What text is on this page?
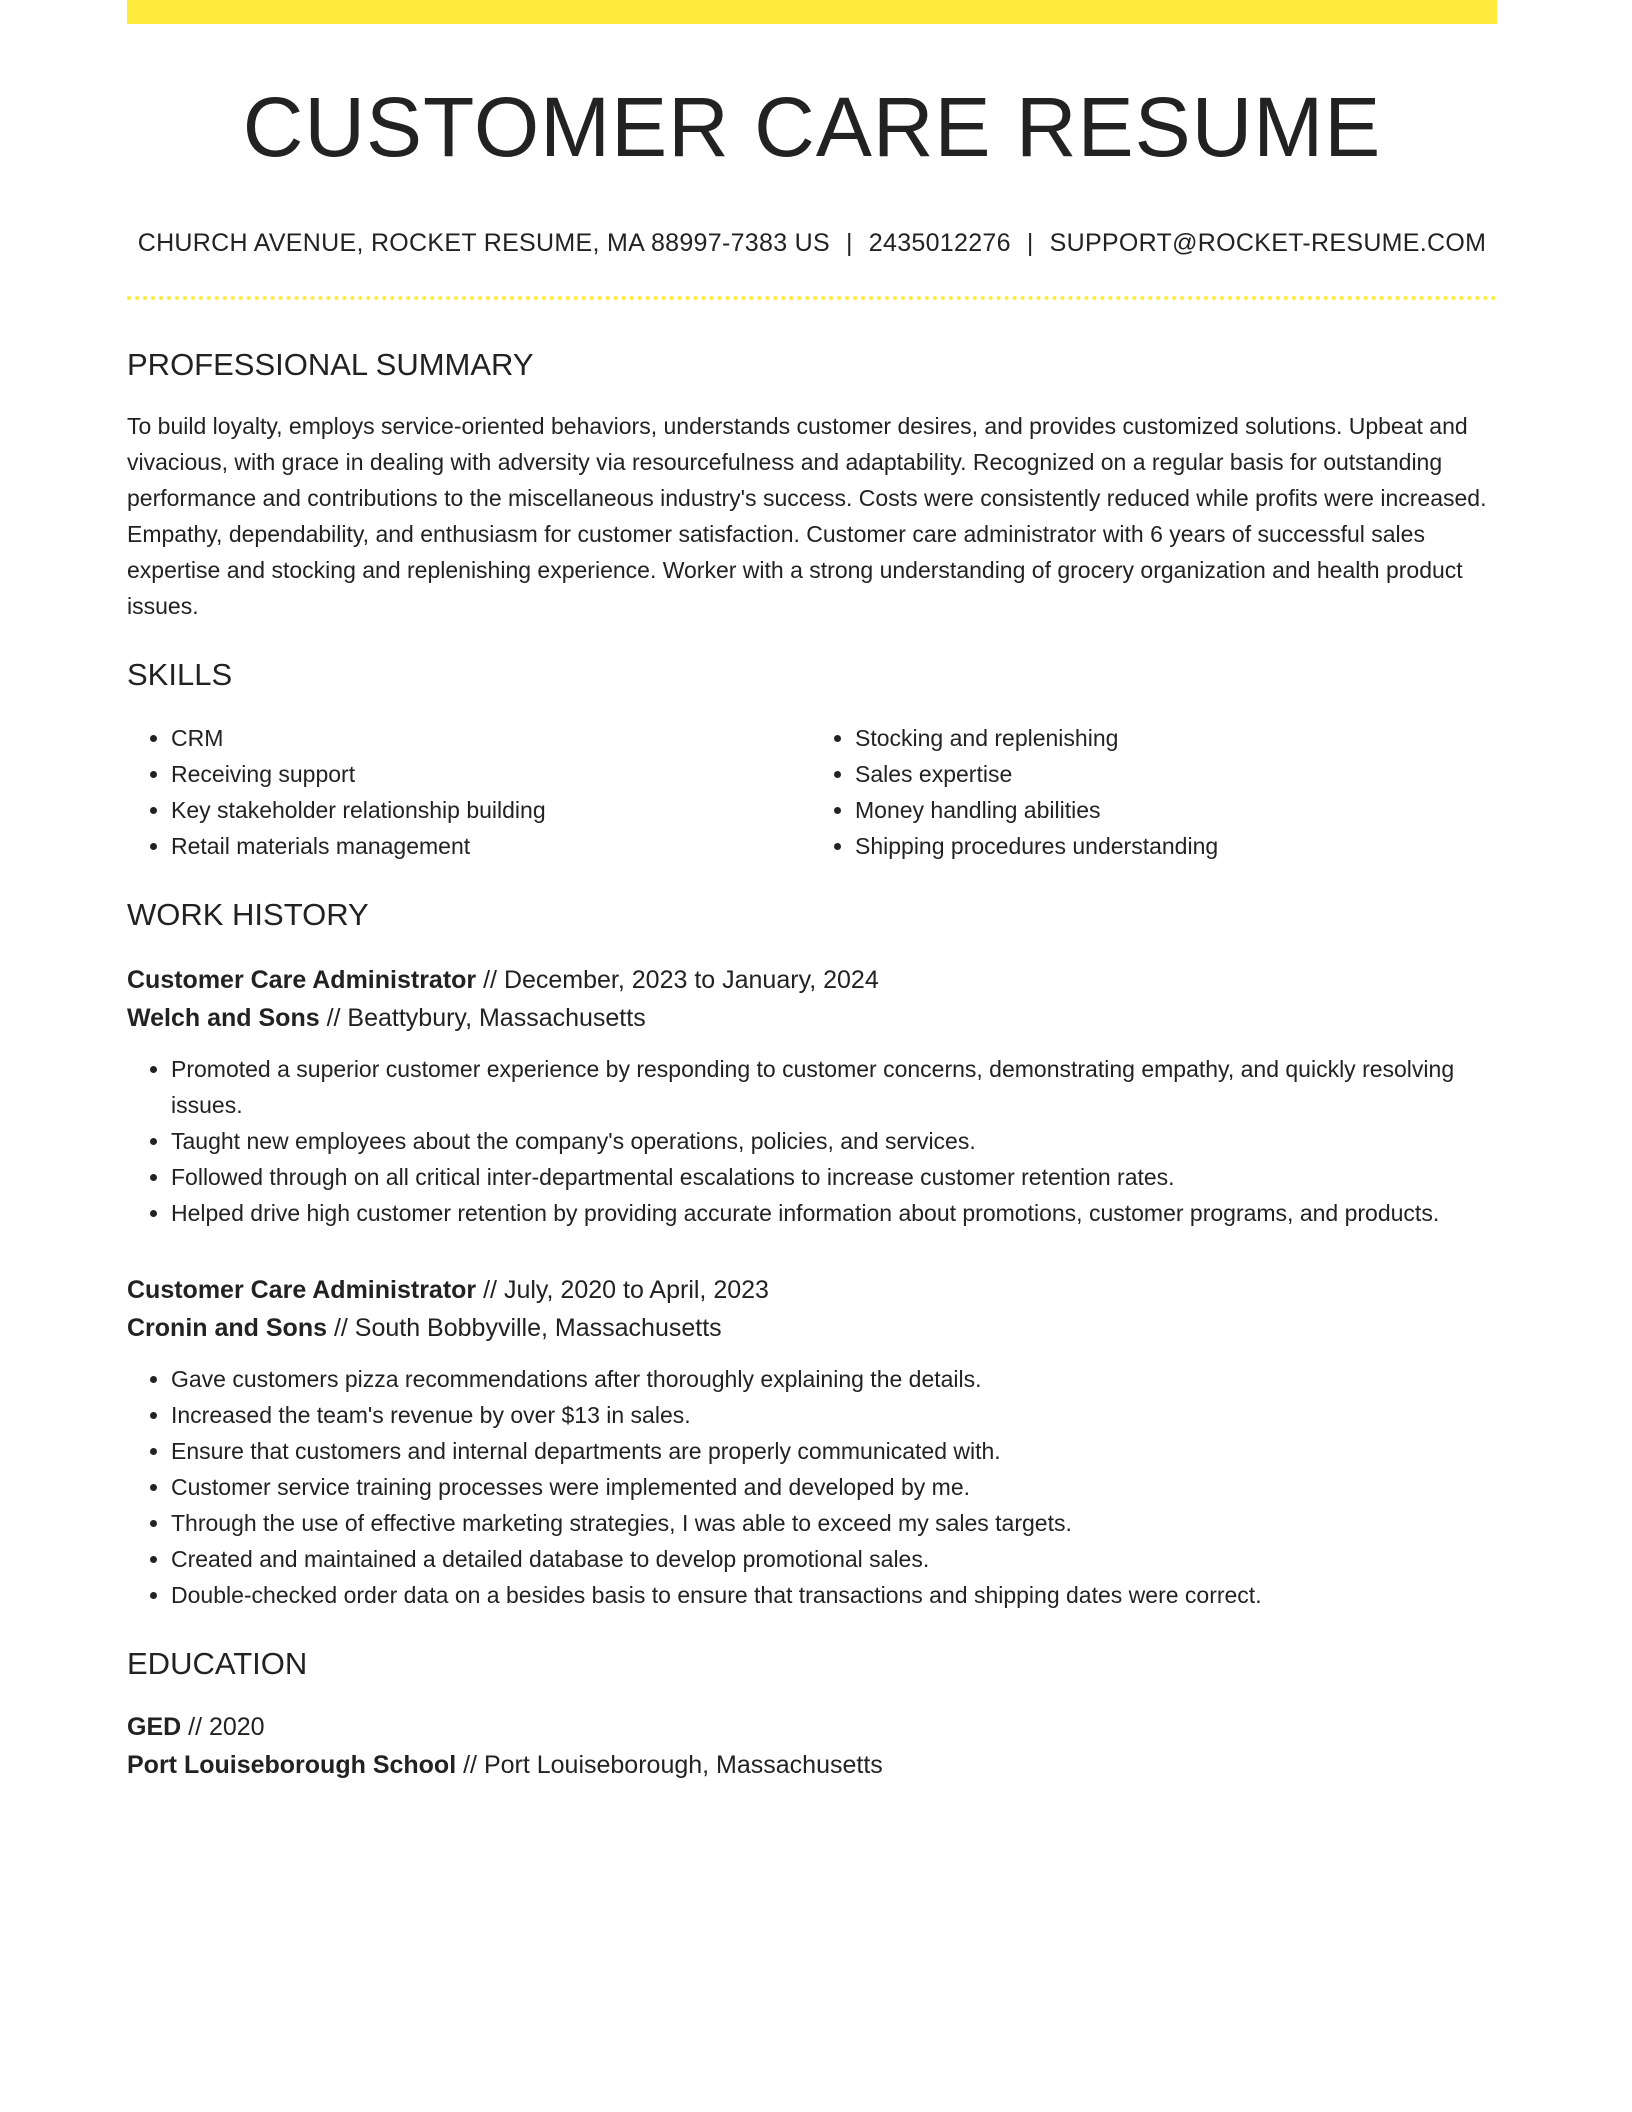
CUSTOMER CARE RESUME
CHURCH AVENUE, ROCKET RESUME, MA 88997-7383 US | 2435012276 | SUPPORT@ROCKET-RESUME.COM
PROFESSIONAL SUMMARY
To build loyalty, employs service-oriented behaviors, understands customer desires, and provides customized solutions. Upbeat and vivacious, with grace in dealing with adversity via resourcefulness and adaptability. Recognized on a regular basis for outstanding performance and contributions to the miscellaneous industry's success. Costs were consistently reduced while profits were increased. Empathy, dependability, and enthusiasm for customer satisfaction. Customer care administrator with 6 years of successful sales expertise and stocking and replenishing experience. Worker with a strong understanding of grocery organization and health product issues.
SKILLS
• CRM
• Receiving support
• Key stakeholder relationship building
• Retail materials management
• Stocking and replenishing
• Sales expertise
• Money handling abilities
• Shipping procedures understanding
WORK HISTORY
Customer Care Administrator // December, 2023 to January, 2024
Welch and Sons // Beattybury, Massachusetts
• Promoted a superior customer experience by responding to customer concerns, demonstrating empathy, and quickly resolving issues.
• Taught new employees about the company's operations, policies, and services.
• Followed through on all critical inter-departmental escalations to increase customer retention rates.
• Helped drive high customer retention by providing accurate information about promotions, customer programs, and products.
Customer Care Administrator // July, 2020 to April, 2023
Cronin and Sons // South Bobbyville, Massachusetts
• Gave customers pizza recommendations after thoroughly explaining the details.
• Increased the team's revenue by over $13 in sales.
• Ensure that customers and internal departments are properly communicated with.
• Customer service training processes were implemented and developed by me.
• Through the use of effective marketing strategies, I was able to exceed my sales targets.
• Created and maintained a detailed database to develop promotional sales.
• Double-checked order data on a besides basis to ensure that transactions and shipping dates were correct.
EDUCATION
GED // 2020
Port Louiseborough School // Port Louiseborough, Massachusetts
